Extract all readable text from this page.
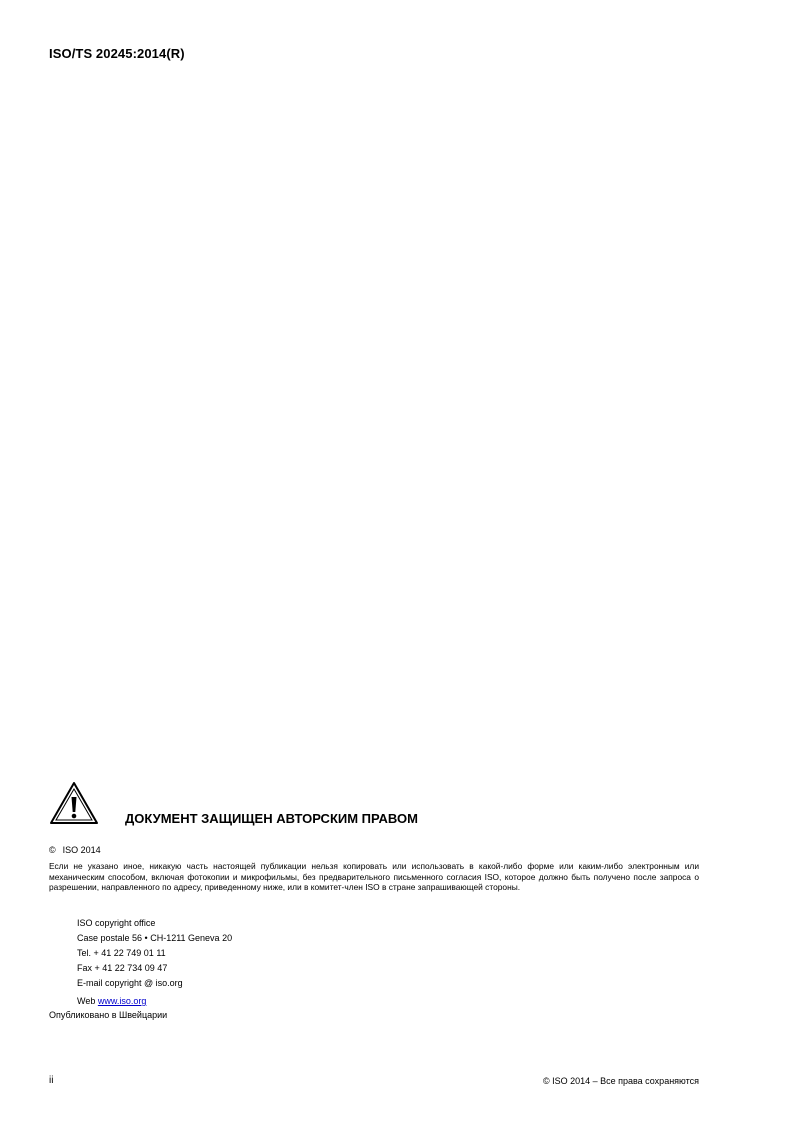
ISO/TS 20245:2014(R)
ДОКУМЕНТ ЗАЩИЩЕН АВТОРСКИМ ПРАВОМ
© ISO 2014
Если не указано иное, никакую часть настоящей публикации нельзя копировать или использовать в какой-либо форме или каким-либо электронным или механическим способом, включая фотокопии и микрофильмы, без предварительного письменного согласия ISO, которое должно быть получено после запроса о разрешении, направленного по адресу, приведенному ниже, или в комитет-член ISO в стране запрашивающей стороны.
ISO copyright office
Case postale 56 • CH-1211 Geneva 20
Tel. + 41 22 749 01 11
Fax + 41 22 734 09 47
E-mail copyright @ iso.org
Web www.iso.org
Опубликовано в Швейцарии
ii	© ISO 2014 – Все права сохраняются
